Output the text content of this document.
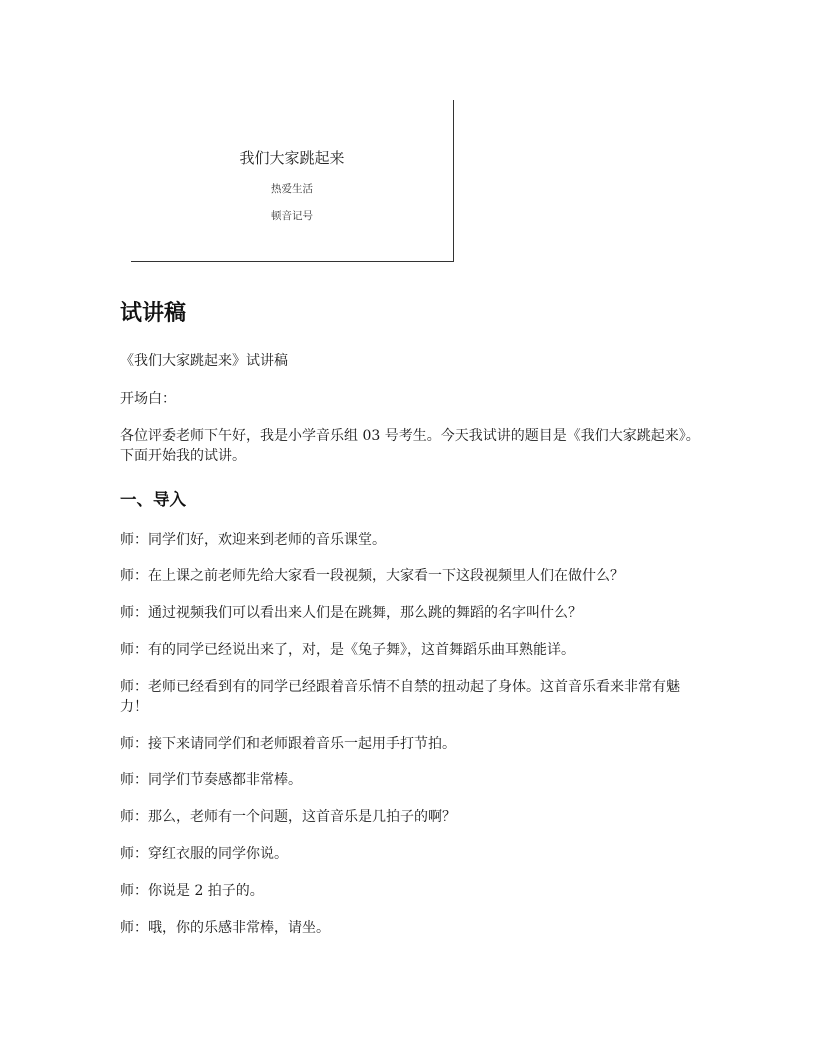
我们大家跳起来
热爱生活
顿音记号
试讲稿

《我们大家跳起来》试讲稿

开场白：

各位评委老师下午好，我是小学音乐组 03 号考生。今天我试讲的题目是《我们大家跳起来》。下面开始我的试讲。

一、导入

师：同学们好，欢迎来到老师的音乐课堂。

师：在上课之前老师先给大家看一段视频，大家看一下这段视频里人们在做什么？

师：通过视频我们可以看出来人们是在跳舞，那么跳的舞蹈的名字叫什么？

师：有的同学已经说出来了，对，是《兔子舞》，这首舞蹈乐曲耳熟能详。

师：老师已经看到有的同学已经跟着音乐情不自禁的扭动起了身体。这首音乐看来非常有魅力！

师：接下来请同学们和老师跟着音乐一起用手打节拍。

师：同学们节奏感都非常棒。

师：那么，老师有一个问题，这首音乐是几拍子的啊？

师：穿红衣服的同学你说。

师：你说是 2 拍子的。

师：哦，你的乐感非常棒，请坐。
